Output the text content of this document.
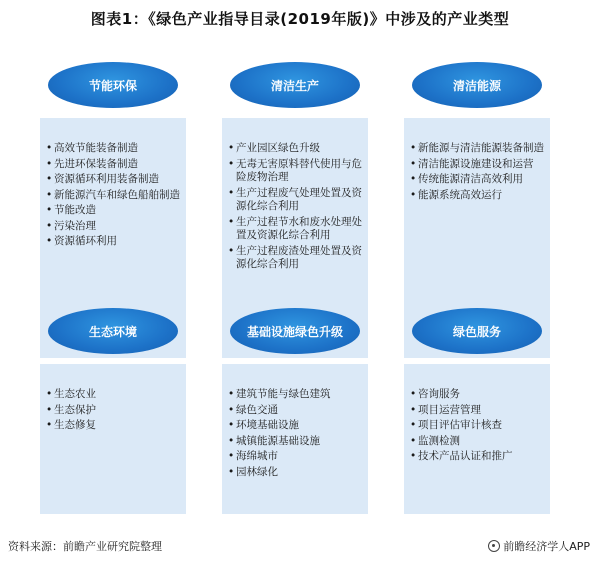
图表1：《绿色产业指导目录(2019年版)》中涉及的产业类型
节能环保
• 高效节能装备制造
• 先进环保装备制造
• 资源循环利用装备制造
• 新能源汽车和绿色船舶制造
• 节能改造
• 污染治理
• 资源循环利用
清洁生产
• 产业园区绿色升级
• 无毒无害原料替代使用与危险废物治理
• 生产过程废气处理处置及资源化综合利用
• 生产过程节水和废水处理处置及资源化综合利用
• 生产过程废渣处理处置及资源化综合利用
清洁能源
• 新能源与清洁能源装备制造
• 清洁能源设施建设和运营
• 传统能源清洁高效利用
• 能源系统高效运行
生态环境
• 生态农业
• 生态保护
• 生态修复
基础设施绿色升级
• 建筑节能与绿色建筑
• 绿色交通
• 环境基础设施
• 城镇能源基础设施
• 海绵城市
• 园林绿化
绿色服务
• 咨询服务
• 项目运营管理
• 项目评估审计核查
• 监测检测
• 技术产品认证和推广
资料来源：前瞻产业研究院整理	前瞻经济学人APP
